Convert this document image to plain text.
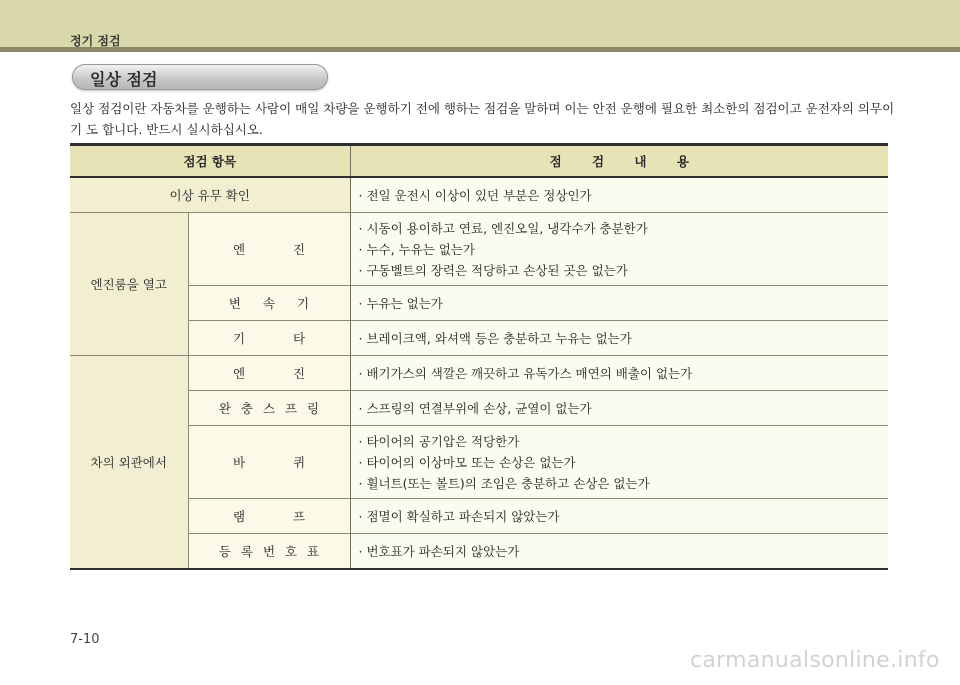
정기 점검
일상 점검
일상 점검이란 자동차를 운행하는 사람이 매일 차량을 운행하기 전에 행하는 점검을 말하며 이는 안전 운행에 필요한 최소한의 점검이고 운전자의 의무이기 도 합니다. 반드시 실시하십시오.
점검 항목		점 검 내 용
이상 유무 확인		· 전일 운전시 이상이 있던 부분은 정상인가

엔진룸을 열고	엔 진	· 시동이 용이하고 연료, 엔진오일, 냉각수가 충분한가
· 누수, 누유는 없는가
· 구동벨트의 장력은 적당하고 손상된 곳은 없는가

	변 속 기	· 누유는 없는가

	기 타	· 브레이크액, 와셔액 등은 충분하고 누유는 없는가

차의 외관에서	엔 진	· 배기가스의 색깔은 깨끗하고 유독가스 매연의 배출이 없는가

	완 충 스 프 링	· 스프링의 연결부위에 손상, 균열이 없는가

	바 퀴	· 타이어의 공기압은 적당한가
· 타이어의 이상마모 또는 손상은 없는가
· 휠너트(또는 볼트)의 조임은 충분하고 손상은 없는가

	램 프	· 점멸이 확실하고 파손되지 않았는가

	등 록 번 호 표	· 번호표가 파손되지 않았는가
7-10
carmanualsonline.info
